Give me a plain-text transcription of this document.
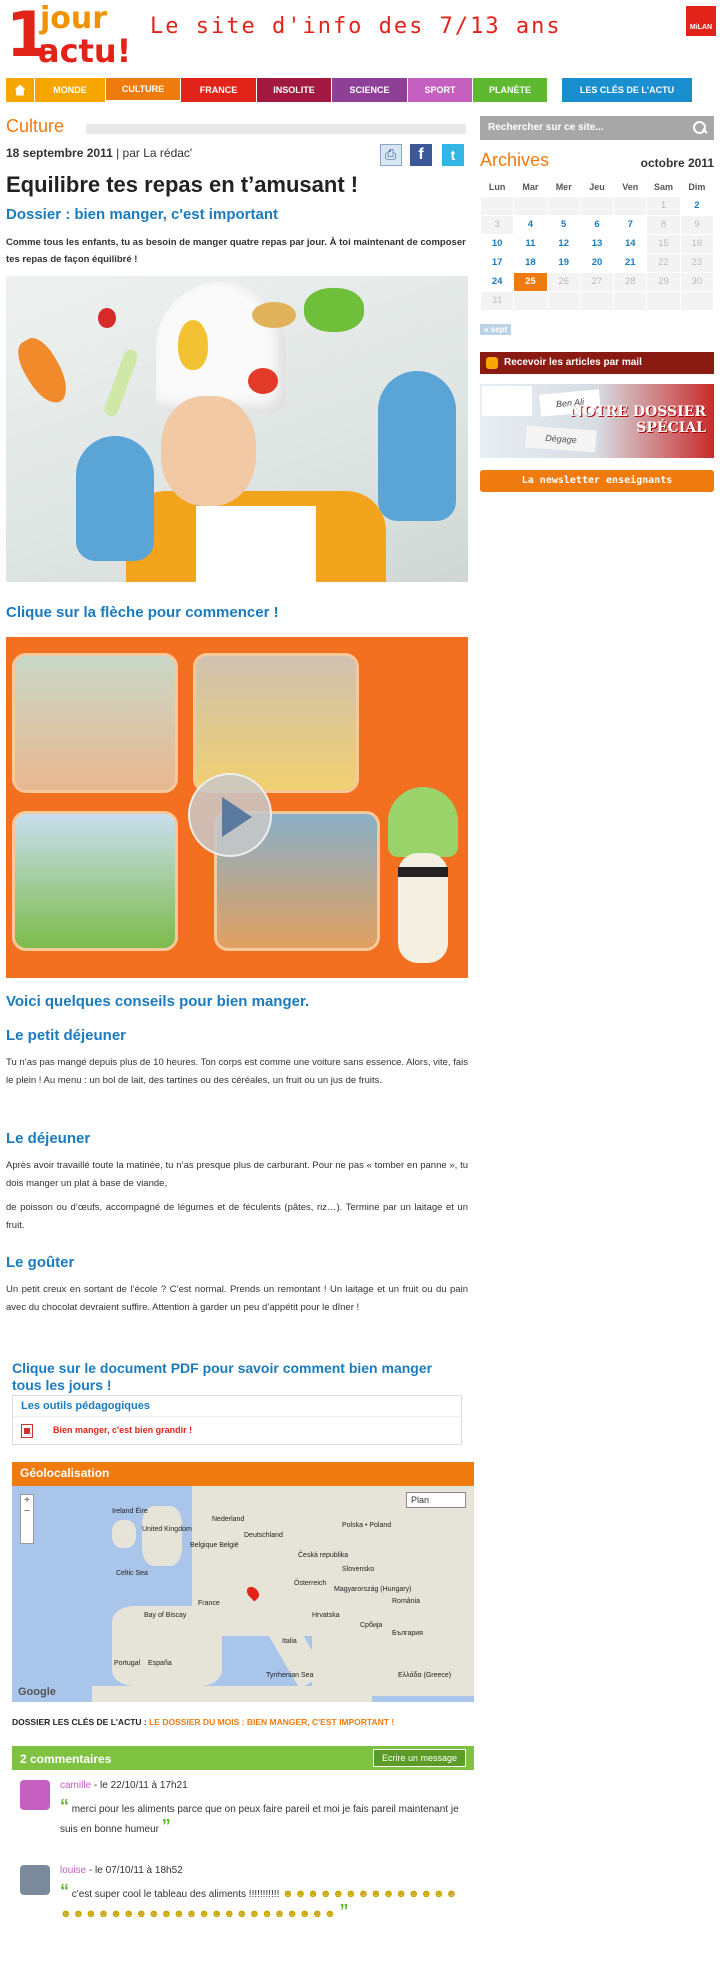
1
jour
actu!
Le site d'info des 7/13 ans	MiLAN
MONDE	CULTURE	FRANCE	INSOLITE	SCIENCE	SPORT	PLANÈTE	LES CLÉS DE L'ACTU
Culture
18 septembre 2011 | par La rédac' ⎙	f	t
Equilibre tes repas en t’amusant !
Dossier : bien manger, c'est important

Comme tous les enfants, tu as besoin de manger quatre repas par jour. À toi maintenant de composer tes repas de façon équilibré !

Clique sur la flèche pour commencer !
Voici quelques conseils pour bien manger.
Le petit déjeuner

Tu n’as pas mangé depuis plus de 10 heures. Ton corps est comme une voiture sans essence. Alors, vite, fais le plein ! Au menu : un bol de lait, des tartines ou des céréales, un fruit ou un jus de fruits.

Le déjeuner

Après avoir travaillé toute la matinée, tu n’as presque plus de carburant. Pour ne pas « tomber en panne », tu dois manger un plat à base de viande,

de poisson ou d’œufs, accompagné de légumes et de féculents (pâtes, riz…). Termine par un laitage et un fruit.

Le goûter

Un petit creux en sortant de l’école ? C’est normal. Prends un remontant ! Un laitage et un fruit ou du pain avec du chocolat devraient suffire. Attention à garder un peu d’appétit pour le dîner !

Clique sur le document PDF pour savoir comment bien manger tous les jours !
Les outils pédagogiques
Bien manger, c'est bien grandir !
Géolocalisation
+
−
Plan
Ireland Éire
United Kingdom
Nederland
Deutschland
Belgique België
Polska • Poland
Česká republika
Slovensko
France
Österreich
Magyarország (Hungary)
România
Hrvatska
Србија
Italia
Portugal España
Tyrrhenian Sea
Celtic Sea
Bay of Biscay
България
Ελλάδα (Greece)
Google
DOSSIER LES CLÉS DE L'ACTU : LE DOSSIER DU MOIS : BIEN MANGER, C'EST IMPORTANT !
2 commentaires	Ecrire un message
camille - le 22/10/11 à 17h21
“ merci pour les aliments parce que on peux faire pareil et moi je fais pareil maintenant je suis en bonne humeur ”
louise - le 07/10/11 à 18h52
“ c'est super cool le tableau des aliments !!!!!!!!!!! ☻☻☻☻☻☻☻☻☻☻☻☻☻☻☻☻☻☻☻☻☻☻☻☻☻☻☻☻☻☻☻☻☻☻☻☻ ”
Rechercher sur ce site...
Archives	octobre 2011
Lun	Mar	Mer	Jeu	Ven	Sam	Dim
					1	2
3	4	5	6	7	8	9
10	11	12	13	14	15	16
17	18	19	20	21	22	23
24	25	26	27	28	29	30
31						
« sept
Recevoir les articles par mail
Ben Ali
Dégage
NOTRE DOSSIER
SPÉCIAL
La newsletter enseignants
